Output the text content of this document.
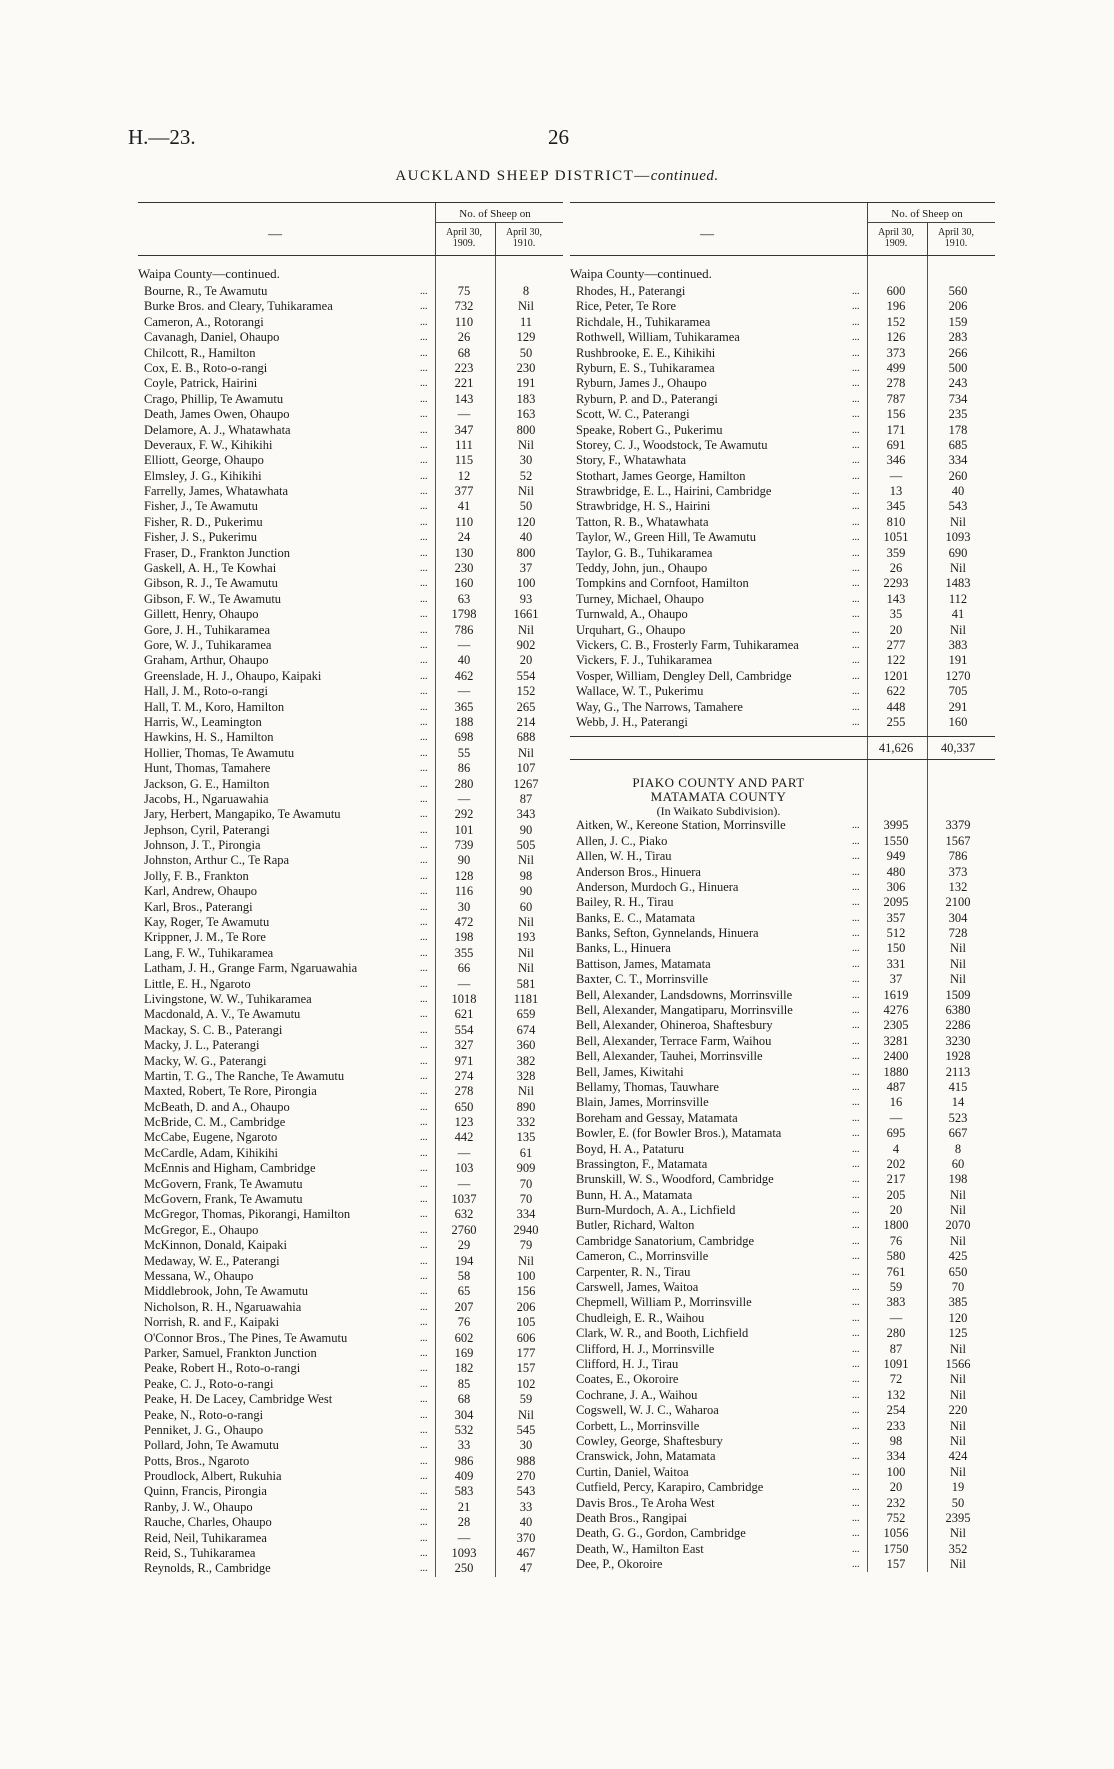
H.—23.	26
AUCKLAND SHEEP DISTRICT—continued.
—
No. of Sheep on
April 30, 1909.
April 30, 1910.
Waipa County—continued.
Bourne, R., Te Awamutu	...	75	8
Burke Bros. and Cleary, Tuhikaramea	...	732	Nil
Cameron, A., Rotorangi	...	110	11
Cavanagh, Daniel, Ohaupo	...	26	129
Chilcott, R., Hamilton	...	68	50
Cox, E. B., Roto-o-rangi	...	223	230
Coyle, Patrick, Hairini	...	221	191
Crago, Phillip, Te Awamutu	...	143	183
Death, James Owen, Ohaupo	...	—	163
Delamore, A. J., Whatawhata	...	347	800
Deveraux, F. W., Kihikihi	...	111	Nil
Elliott, George, Ohaupo	...	115	30
Elmsley, J. G., Kihikihi	...	12	52
Farrelly, James, Whatawhata	...	377	Nil
Fisher, J., Te Awamutu	...	41	50
Fisher, R. D., Pukerimu	...	110	120
Fisher, J. S., Pukerimu	...	24	40
Fraser, D., Frankton Junction	...	130	800
Gaskell, A. H., Te Kowhai	...	230	37
Gibson, R. J., Te Awamutu	...	160	100
Gibson, F. W., Te Awamutu	...	63	93
Gillett, Henry, Ohaupo	...	1798	1661
Gore, J. H., Tuhikaramea	...	786	Nil
Gore, W. J., Tuhikaramea	...	—	902
Graham, Arthur, Ohaupo	...	40	20
Greenslade, H. J., Ohaupo, Kaipaki	...	462	554
Hall, J. M., Roto-o-rangi	...	—	152
Hall, T. M., Koro, Hamilton	...	365	265
Harris, W., Leamington	...	188	214
Hawkins, H. S., Hamilton	...	698	688
Hollier, Thomas, Te Awamutu	...	55	Nil
Hunt, Thomas, Tamahere	...	86	107
Jackson, G. E., Hamilton	...	280	1267
Jacobs, H., Ngaruawahia	...	—	87
Jary, Herbert, Mangapiko, Te Awamutu	...	292	343
Jephson, Cyril, Paterangi	...	101	90
Johnson, J. T., Pirongia	...	739	505
Johnston, Arthur C., Te Rapa	...	90	Nil
Jolly, F. B., Frankton	...	128	98
Karl, Andrew, Ohaupo	...	116	90
Karl, Bros., Paterangi	...	30	60
Kay, Roger, Te Awamutu	...	472	Nil
Krippner, J. M., Te Rore	...	198	193
Lang, F. W., Tuhikaramea	...	355	Nil
Latham, J. H., Grange Farm, Ngaruawahia	...	66	Nil
Little, E. H., Ngaroto	...	—	581
Livingstone, W. W., Tuhikaramea	...	1018	1181
Macdonald, A. V., Te Awamutu	...	621	659
Mackay, S. C. B., Paterangi	...	554	674
Macky, J. L., Paterangi	...	327	360
Macky, W. G., Paterangi	...	971	382
Martin, T. G., The Ranche, Te Awamutu	...	274	328
Maxted, Robert, Te Rore, Pirongia	...	278	Nil
McBeath, D. and A., Ohaupo	...	650	890
McBride, C. M., Cambridge	...	123	332
McCabe, Eugene, Ngaroto	...	442	135
McCardle, Adam, Kihikihi	...	—	61
McEnnis and Higham, Cambridge	...	103	909
McGovern, Frank, Te Awamutu	...	—	70
McGovern, Frank, Te Awamutu	...	1037	70
McGregor, Thomas, Pikorangi, Hamilton	...	632	334
McGregor, E., Ohaupo	...	2760	2940
McKinnon, Donald, Kaipaki	...	29	79
Medaway, W. E., Paterangi	...	194	Nil
Messana, W., Ohaupo	...	58	100
Middlebrook, John, Te Awamutu	...	65	156
Nicholson, R. H., Ngaruawahia	...	207	206
Norrish, R. and F., Kaipaki	...	76	105
O'Connor Bros., The Pines, Te Awamutu	...	602	606
Parker, Samuel, Frankton Junction	...	169	177
Peake, Robert H., Roto-o-rangi	...	182	157
Peake, C. J., Roto-o-rangi	...	85	102
Peake, H. De Lacey, Cambridge West	...	68	59
Peake, N., Roto-o-rangi	...	304	Nil
Penniket, J. G., Ohaupo	...	532	545
Pollard, John, Te Awamutu	...	33	30
Potts, Bros., Ngaroto	...	986	988
Proudlock, Albert, Rukuhia	...	409	270
Quinn, Francis, Pirongia	...	583	543
Ranby, J. W., Ohaupo	...	21	33
Rauche, Charles, Ohaupo	...	28	40
Reid, Neil, Tuhikaramea	...	—	370
Reid, S., Tuhikaramea	...	1093	467
Reynolds, R., Cambridge	...	250	47
—
No. of Sheep on
April 30, 1909.
April 30, 1910.
Waipa County—continued.
Rhodes, H., Paterangi	...	600	560
Rice, Peter, Te Rore	...	196	206
Richdale, H., Tuhikaramea	...	152	159
Rothwell, William, Tuhikaramea	...	126	283
Rushbrooke, E. E., Kihikihi	...	373	266
Ryburn, E. S., Tuhikaramea	...	499	500
Ryburn, James J., Ohaupo	...	278	243
Ryburn, P. and D., Paterangi	...	787	734
Scott, W. C., Paterangi	...	156	235
Speake, Robert G., Pukerimu	...	171	178
Storey, C. J., Woodstock, Te Awamutu	...	691	685
Story, F., Whatawhata	...	346	334
Stothart, James George, Hamilton	...	—	260
Strawbridge, E. L., Hairini, Cambridge	...	13	40
Strawbridge, H. S., Hairini	...	345	543
Tatton, R. B., Whatawhata	...	810	Nil
Taylor, W., Green Hill, Te Awamutu	...	1051	1093
Taylor, G. B., Tuhikaramea	...	359	690
Teddy, John, jun., Ohaupo	...	26	Nil
Tompkins and Cornfoot, Hamilton	...	2293	1483
Turney, Michael, Ohaupo	...	143	112
Turnwald, A., Ohaupo	...	35	41
Urquhart, G., Ohaupo	...	20	Nil
Vickers, C. B., Frosterly Farm, Tuhikaramea	...	277	383
Vickers, F. J., Tuhikaramea	...	122	191
Vosper, William, Dengley Dell, Cambridge	...	1201	1270
Wallace, W. T., Pukerimu	...	622	705
Way, G., The Narrows, Tamahere	...	448	291
Webb, J. H., Paterangi	...	255	160
41,626	40,337
PIAKO COUNTY AND PART
MATAMATA COUNTY
(In Waikato Subdivision).
Aitken, W., Kereone Station, Morrinsville	...	3995	3379
Allen, J. C., Piako	...	1550	1567
Allen, W. H., Tirau	...	949	786
Anderson Bros., Hinuera	...	480	373
Anderson, Murdoch G., Hinuera	...	306	132
Bailey, R. H., Tirau	...	2095	2100
Banks, E. C., Matamata	...	357	304
Banks, Sefton, Gynnelands, Hinuera	...	512	728
Banks, L., Hinuera	...	150	Nil
Battison, James, Matamata	...	331	Nil
Baxter, C. T., Morrinsville	...	37	Nil
Bell, Alexander, Landsdowns, Morrinsville	...	1619	1509
Bell, Alexander, Mangatiparu, Morrinsville	...	4276	6380
Bell, Alexander, Ohineroa, Shaftesbury	...	2305	2286
Bell, Alexander, Terrace Farm, Waihou	...	3281	3230
Bell, Alexander, Tauhei, Morrinsville	...	2400	1928
Bell, James, Kiwitahi	...	1880	2113
Bellamy, Thomas, Tauwhare	...	487	415
Blain, James, Morrinsville	...	16	14
Boreham and Gessay, Matamata	...	—	523
Bowler, E. (for Bowler Bros.), Matamata	...	695	667
Boyd, H. A., Pataturu	...	4	8
Brassington, F., Matamata	...	202	60
Brunskill, W. S., Woodford, Cambridge	...	217	198
Bunn, H. A., Matamata	...	205	Nil
Burn-Murdoch, A. A., Lichfield	...	20	Nil
Butler, Richard, Walton	...	1800	2070
Cambridge Sanatorium, Cambridge	...	76	Nil
Cameron, C., Morrinsville	...	580	425
Carpenter, R. N., Tirau	...	761	650
Carswell, James, Waitoa	...	59	70
Chepmell, William P., Morrinsville	...	383	385
Chudleigh, E. R., Waihou	...	—	120
Clark, W. R., and Booth, Lichfield	...	280	125
Clifford, H. J., Morrinsville	...	87	Nil
Clifford, H. J., Tirau	...	1091	1566
Coates, E., Okoroire	...	72	Nil
Cochrane, J. A., Waihou	...	132	Nil
Cogswell, W. J. C., Waharoa	...	254	220
Corbett, L., Morrinsville	...	233	Nil
Cowley, George, Shaftesbury	...	98	Nil
Cranswick, John, Matamata	...	334	424
Curtin, Daniel, Waitoa	...	100	Nil
Cutfield, Percy, Karapiro, Cambridge	...	20	19
Davis Bros., Te Aroha West	...	232	50
Death Bros., Rangipai	...	752	2395
Death, G. G., Gordon, Cambridge	...	1056	Nil
Death, W., Hamilton East	...	1750	352
Dee, P., Okoroire	...	157	Nil
